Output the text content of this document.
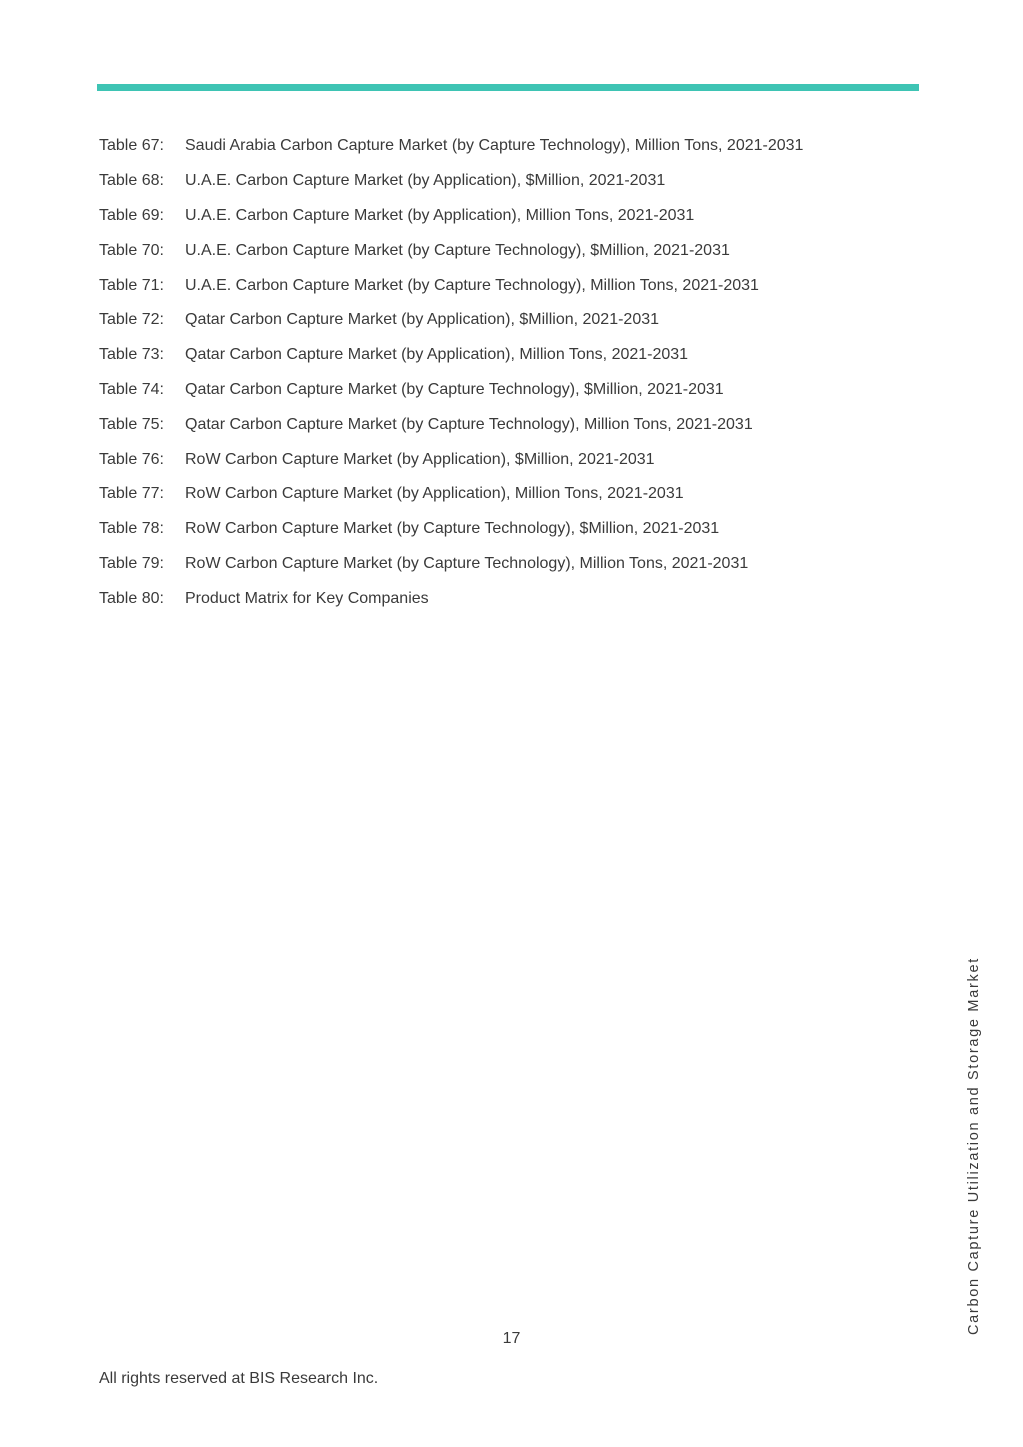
Table 67:	Saudi Arabia Carbon Capture Market (by Capture Technology), Million Tons, 2021-2031
Table 68:	U.A.E. Carbon Capture Market (by Application), $Million, 2021-2031
Table 69:	U.A.E. Carbon Capture Market (by Application), Million Tons, 2021-2031
Table 70:	U.A.E. Carbon Capture Market (by Capture Technology), $Million, 2021-2031
Table 71:	U.A.E. Carbon Capture Market (by Capture Technology), Million Tons, 2021-2031
Table 72:	Qatar Carbon Capture Market (by Application), $Million, 2021-2031
Table 73:	Qatar Carbon Capture Market (by Application), Million Tons, 2021-2031
Table 74:	Qatar Carbon Capture Market (by Capture Technology), $Million, 2021-2031
Table 75:	Qatar Carbon Capture Market (by Capture Technology), Million Tons, 2021-2031
Table 76:	RoW Carbon Capture Market (by Application), $Million, 2021-2031
Table 77:	RoW Carbon Capture Market (by Application), Million Tons, 2021-2031
Table 78:	RoW Carbon Capture Market (by Capture Technology), $Million, 2021-2031
Table 79:	RoW Carbon Capture Market (by Capture Technology), Million Tons, 2021-2031
Table 80:	Product Matrix for Key Companies
Carbon Capture Utilization and Storage Market
17
All rights reserved at BIS Research Inc.
